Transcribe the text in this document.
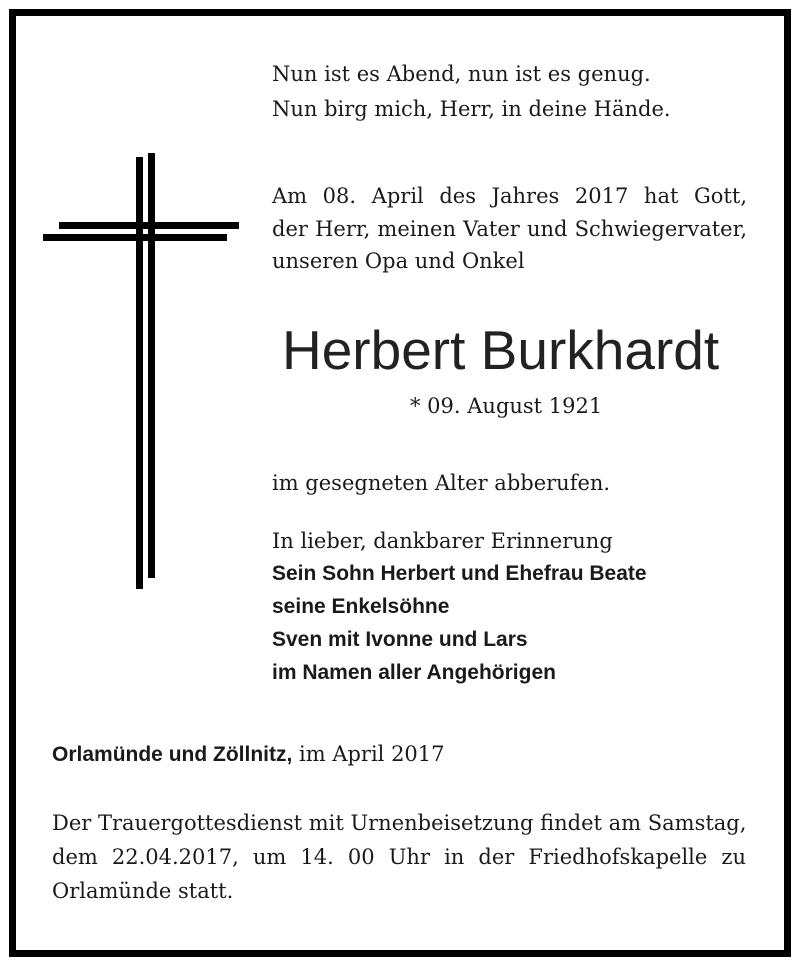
Nun ist es Abend, nun ist es genug.
Nun birg mich, Herr, in deine Hände.
Am 08. April des Jahres 2017 hat Gott,
der Herr, meinen Vater und Schwiegervater,
unseren Opa und Onkel
Herbert Burkhardt
* 09. August 1921
im gesegneten Alter abberufen.
In lieber, dankbarer Erinnerung
Sein Sohn Herbert und Ehefrau Beate
seine Enkelsöhne
Sven mit Ivonne und Lars
im Namen aller Angehörigen
Orlamünde und Zöllnitz, im April 2017
Der Trauergottesdienst mit Urnenbeisetzung findet am Samstag,
dem 22.04.2017, um 14. 00 Uhr in der Friedhofskapelle zu
Orlamünde statt.
